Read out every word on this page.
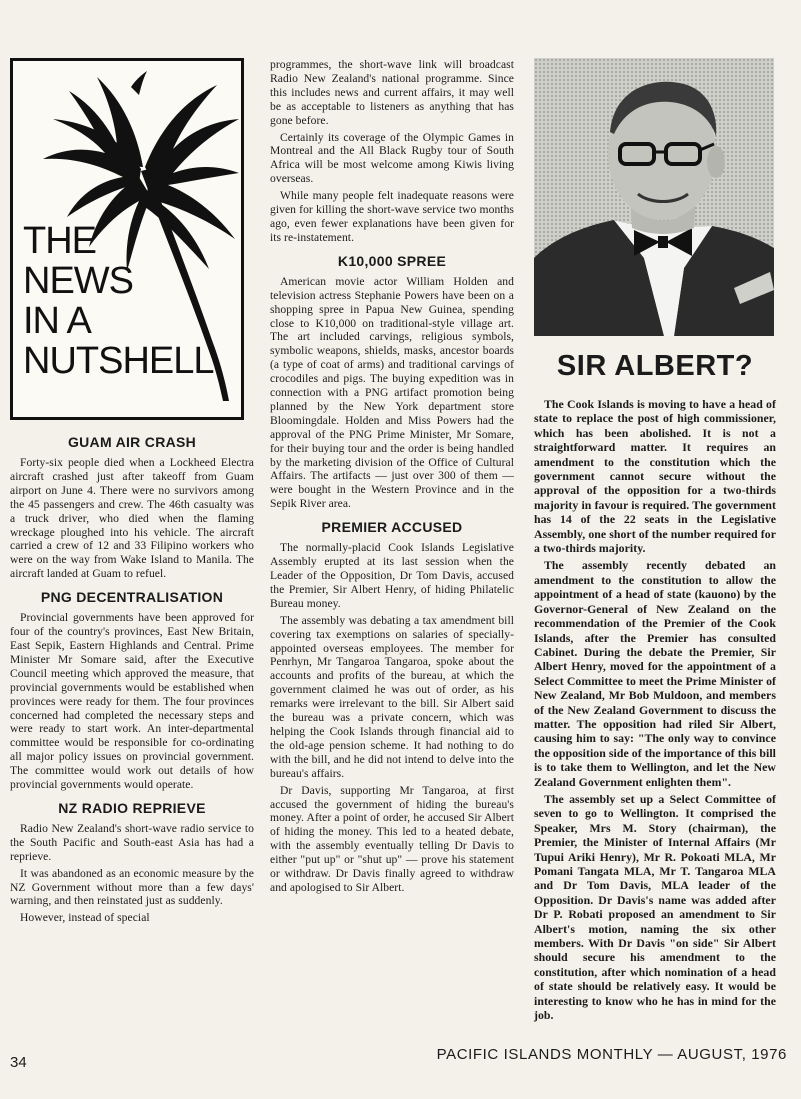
THE
NEWS
IN A
NUTSHELL
GUAM AIR CRASH

Forty-six people died when a Lockheed Electra aircraft crashed just after takeoff from Guam airport on June 4. There were no survivors among the 45 passengers and crew. The 46th casualty was a truck driver, who died when the flaming wreckage ploughed into his vehicle. The aircraft carried a crew of 12 and 33 Filipino workers who were on the way from Wake Island to Manila. The aircraft landed at Guam to refuel.

PNG DECENTRALISATION

Provincial governments have been approved for four of the country's provinces, East New Britain, East Sepik, Eastern Highlands and Central. Prime Minister Mr Somare said, after the Executive Council meeting which approved the measure, that provincial governments would be established when provinces were ready for them. The four provinces concerned had completed the necessary steps and were ready to start work. An inter-departmental committee would be responsible for co-ordinating all major policy issues on provincial government. The committee would work out details of how provincial governments would operate.

NZ RADIO REPRIEVE

Radio New Zealand's short-wave radio service to the South Pacific and South-east Asia has had a reprieve.

It was abandoned as an economic measure by the NZ Government without more than a few days' warning, and then reinstated just as suddenly.

However, instead of special

programmes, the short-wave link will broadcast Radio New Zealand's national programme. Since this includes news and current affairs, it may well be as acceptable to listeners as anything that has gone before.

Certainly its coverage of the Olympic Games in Montreal and the All Black Rugby tour of South Africa will be most welcome among Kiwis living overseas.

While many people felt inadequate reasons were given for killing the short-wave service two months ago, even fewer explanations have been given for its re-instatement.

K10,000 SPREE

American movie actor William Holden and television actress Stephanie Powers have been on a shopping spree in Papua New Guinea, spending close to K10,000 on traditional-style village art. The art included carvings, religious symbols, symbolic weapons, shields, masks, ancestor boards (a type of coat of arms) and traditional carvings of crocodiles and pigs. The buying expedition was in connection with a PNG artifact promotion being planned by the New York department store Bloomingdale. Holden and Miss Powers had the approval of the PNG Prime Minister, Mr Somare, for their buying tour and the order is being handled by the marketing division of the Office of Cultural Affairs. The artifacts — just over 300 of them — were bought in the Western Province and in the Sepik River area.

PREMIER ACCUSED

The normally-placid Cook Islands Legislative Assembly erupted at its last session when the Leader of the Opposition, Dr Tom Davis, accused the Premier, Sir Albert Henry, of hiding Philatelic Bureau money.

The assembly was debating a tax amendment bill covering tax exemptions on salaries of specially-appointed overseas employees. The member for Penrhyn, Mr Tangaroa Tangaroa, spoke about the accounts and profits of the bureau, at which the government claimed he was out of order, as his remarks were irrelevant to the bill. Sir Albert said the bureau was a private concern, which was helping the Cook Islands through financial aid to the old-age pension scheme. It had nothing to do with the bill, and he did not intend to delve into the bureau's affairs.

Dr Davis, supporting Mr Tangaroa, at first accused the government of hiding the bureau's money. After a point of order, he accused Sir Albert of hiding the money. This led to a heated debate, with the assembly eventually telling Dr Davis to either "put up" or "shut up" — prove his statement or withdraw. Dr Davis finally agreed to withdraw and apologised to Sir Albert.

SIR ALBERT?

The Cook Islands is moving to have a head of state to replace the post of high commissioner, which has been abolished. It is not a straightforward matter. It requires an amendment to the constitution which the government cannot secure without the approval of the opposition for a two-thirds majority in favour is required. The government has 14 of the 22 seats in the Legislative Assembly, one short of the number required for a two-thirds majority.

The assembly recently debated an amendment to the constitution to allow the appointment of a head of state (kauono) by the Governor-General of New Zealand on the recommendation of the Premier of the Cook Islands, after the Premier has consulted Cabinet. During the debate the Premier, Sir Albert Henry, moved for the appointment of a Select Committee to meet the Prime Minister of New Zealand, Mr Bob Muldoon, and members of the New Zealand Government to discuss the matter. The opposition had riled Sir Albert, causing him to say: "The only way to convince the opposition side of the importance of this bill is to take them to Wellington, and let the New Zealand Government enlighten them".

The assembly set up a Select Committee of seven to go to Wellington. It comprised the Speaker, Mrs M. Story (chairman), the Premier, the Minister of Internal Affairs (Mr Tupui Ariki Henry), Mr R. Pokoati MLA, Mr Pomani Tangata MLA, Mr T. Tangaroa MLA and Dr Tom Davis, MLA leader of the Opposition. Dr Davis's name was added after Dr P. Robati proposed an amendment to Sir Albert's motion, naming the six other members. With Dr Davis "on side" Sir Albert should secure his amendment to the constitution, after which nomination of a head of state should be relatively easy. It would be interesting to know who he has in mind for the job.

34	PACIFIC ISLANDS MONTHLY — AUGUST, 1976
